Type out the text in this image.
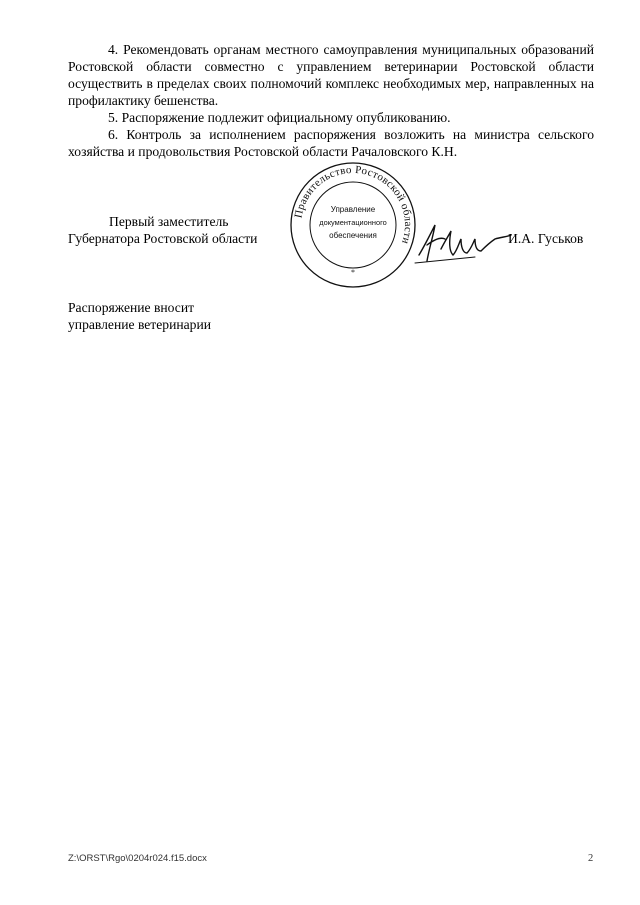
4. Рекомендовать органам местного самоуправления муниципальных образований Ростовской области совместно с управлением ветеринарии Ростовской области осуществить в пределах своих полномочий комплекс необходимых мер, направленных на профилактику бешенства.

5. Распоряжение подлежит официальному опубликованию.

6. Контроль за исполнением распоряжения возложить на министра сельского хозяйства и продовольствия Ростовской области Рачаловского К.Н.

Первый заместитель
Губернатора Ростовской области
Правительство Ростовской области
Управление
документационного
обеспечения
*
И.А. Гуськов
Распоряжение вносит
управление ветеринарии
Z:\ORST\Rgo\0204r024.f15.docx	2
